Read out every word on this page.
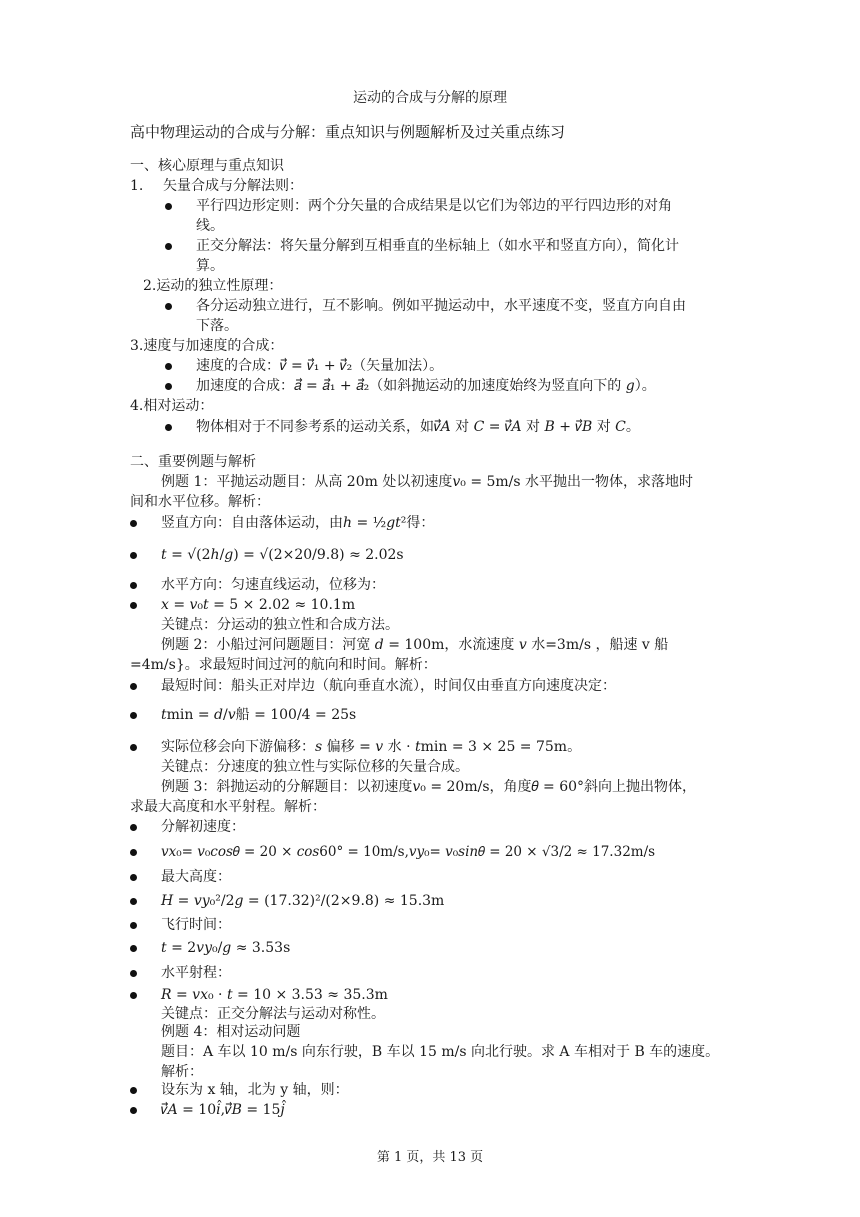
运动的合成与分解的原理
高中物理运动的合成与分解：重点知识与例题解析及过关重点练习
一、核心原理与重点知识
1. 矢量合成与分解法则：
平行四边形定则：两个分矢量的合成结果是以它们为邻边的平行四边形的对角
线。
正交分解法：将矢量分解到互相垂直的坐标轴上（如水平和竖直方向），简化计
算。
2.运动的独立性原理：
各分运动独立进行，互不影响。例如平抛运动中，水平速度不变，竖直方向自由
下落。
3.速度与加速度的合成：
速度的合成：𝑣⃗ = 𝑣⃗₁ + 𝑣⃗₂（矢量加法）。
加速度的合成：𝑎⃗ = 𝑎⃗₁ + 𝑎⃗₂（如斜抛运动的加速度始终为竖直向下的 𝑔）。
4.相对运动：
物体相对于不同参考系的运动关系，如𝑣⃗𝐴 对 𝐶 = 𝑣⃗𝐴 对 𝐵 + 𝑣⃗𝐵 对 𝐶。
二、重要例题与解析
例题 1：平抛运动题目：从高 20m 处以初速度𝑣₀ = 5m/s 水平抛出一物体，求落地时
间和水平位移。解析：
竖直方向：自由落体运动，由ℎ = ½𝑔𝑡²得：
𝑡 = √(2ℎ/𝑔) = √(2×20/9.8) ≈ 2.02s
水平方向：匀速直线运动，位移为：
𝑥 = 𝑣₀𝑡 = 5 × 2.02 ≈ 10.1m
关键点：分运动的独立性和合成方法。
例题 2：小船过河问题题目：河宽 𝑑 = 100m，水流速度 𝑣 水=3m/s ，船速 v 船
=4m/s}。求最短时间过河的航向和时间。解析：
最短时间：船头正对岸边（航向垂直水流），时间仅由垂直方向速度决定：
𝑡min = 𝑑/𝑣船 = 100/4 = 25s
实际位移会向下游偏移：𝑠 偏移 = 𝑣 水 · 𝑡min = 3 × 25 = 75m。
关键点：分速度的独立性与实际位移的矢量合成。
例题 3：斜抛运动的分解题目：以初速度𝑣₀ = 20m/s，角度𝜃 = 60°斜向上抛出物体，
求最大高度和水平射程。解析：
分解初速度：
𝑣𝑥₀= 𝑣₀𝑐𝑜𝑠𝜃 = 20 × 𝑐𝑜𝑠60° = 10m/s,𝑣𝑦₀= 𝑣₀𝑠𝑖𝑛𝜃 = 20 × √3/2 ≈ 17.32m/s
最大高度：
𝐻 = 𝑣𝑦₀²/2𝑔 = (17.32)²/(2×9.8) ≈ 15.3m
飞行时间：
𝑡 = 2𝑣𝑦₀/𝑔 ≈ 3.53s
水平射程：
𝑅 = 𝑣𝑥₀ · 𝑡 = 10 × 3.53 ≈ 35.3m
关键点：正交分解法与运动对称性。
例题 4：相对运动问题
题目：A 车以 10 m/s 向东行驶，B 车以 15 m/s 向北行驶。求 A 车相对于 B 车的速度。
解析：
设东为 x 轴，北为 y 轴，则：
𝑣⃗𝐴 = 10𝑖̂,𝑣⃗𝐵 = 15𝑗̂
第 1 页，共 13 页
